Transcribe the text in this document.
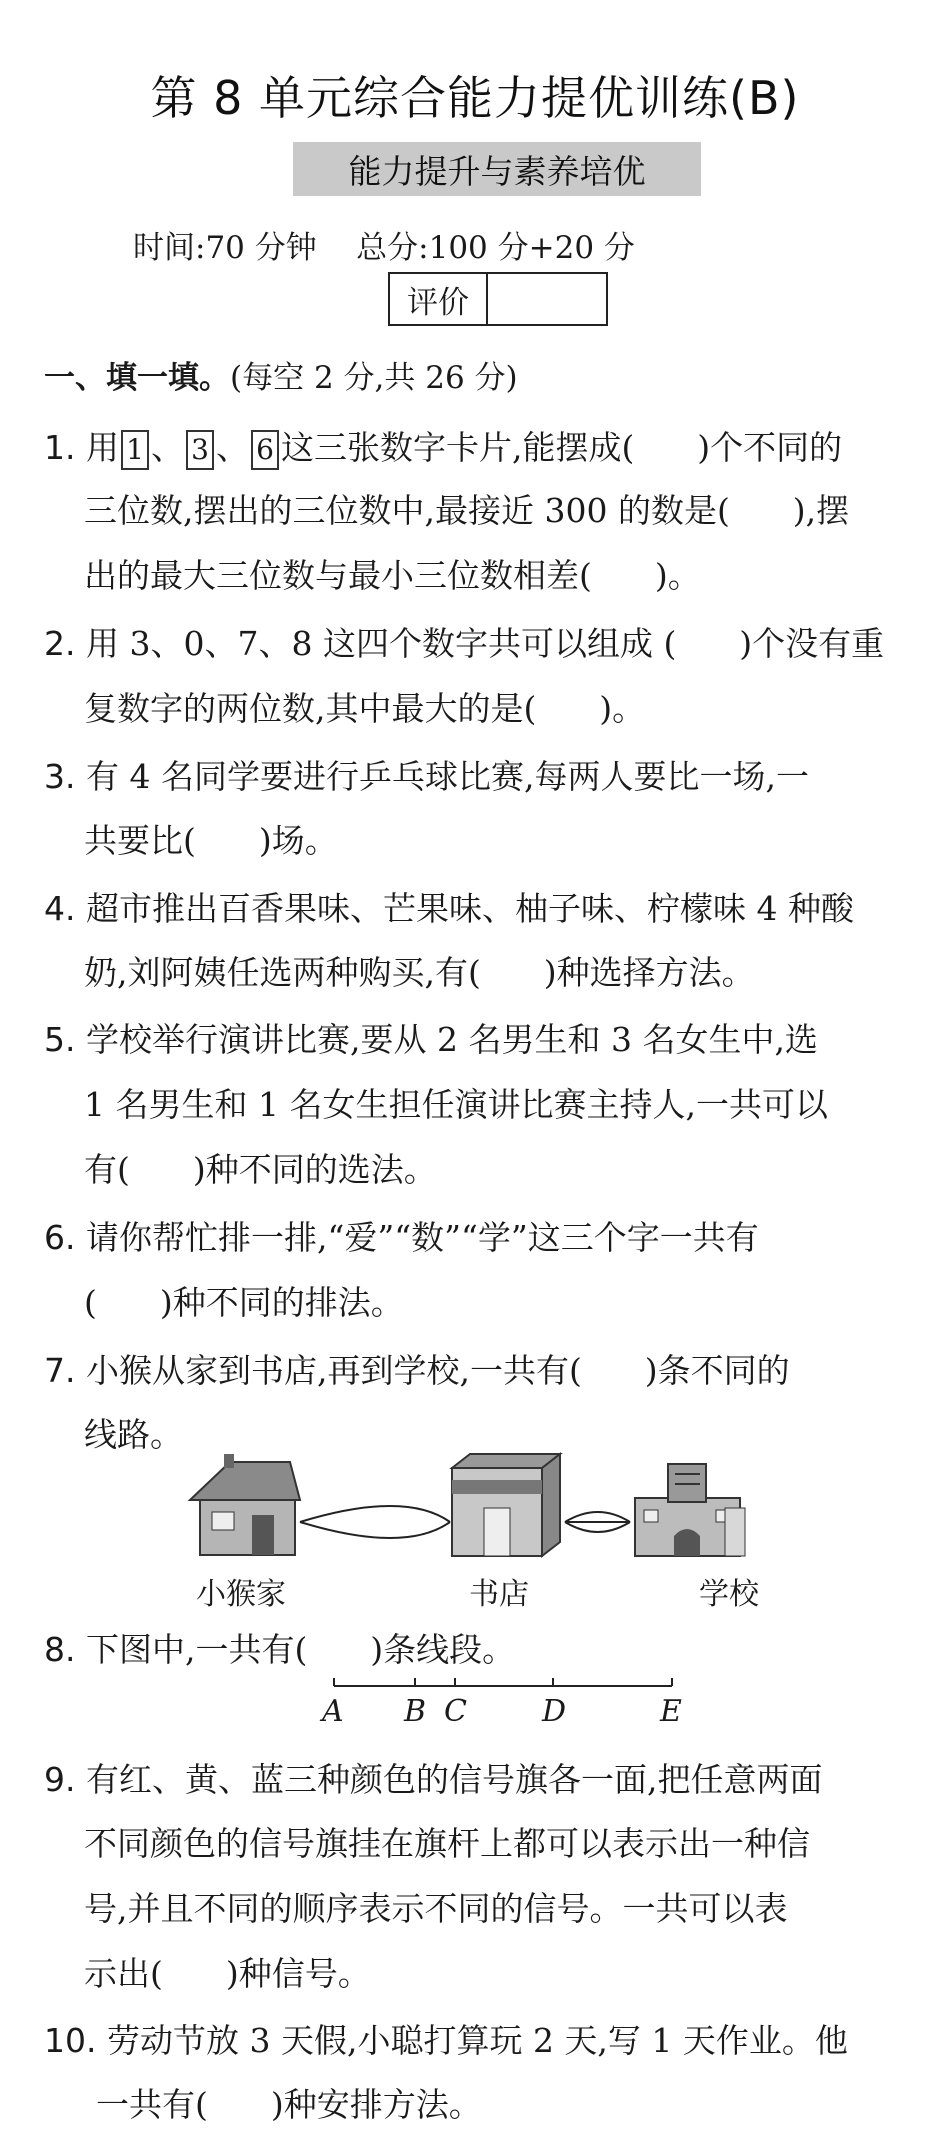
第 8 单元综合能力提优训练(B)
能力提升与素养培优
时间:70 分钟 总分:100 分+20 分
评价
一、填一填。(每空 2 分,共 26 分)
1. 用 1 、 3 、 6 这三张数字卡片,能摆成(      )个不同的
三位数,摆出的三位数中,最接近 300 的数是(      ),摆
出的最大三位数与最小三位数相差(      )。
2. 用 3、0、7、8 这四个数字共可以组成 (      )个没有重
复数字的两位数,其中最大的是(      )。
3. 有 4 名同学要进行乒乓球比赛,每两人要比一场,一
共要比(      )场。
4. 超市推出百香果味、芒果味、柚子味、柠檬味 4 种酸
奶,刘阿姨任选两种购买,有(      )种选择方法。
5. 学校举行演讲比赛,要从 2 名男生和 3 名女生中,选
1 名男生和 1 名女生担任演讲比赛主持人,一共可以
有(      )种不同的选法。
6. 请你帮忙排一排,“爱”“数”“学”这三个字一共有
(      )种不同的排法。
7. 小猴从家到书店,再到学校,一共有(      )条不同的
线路。
小猴家	书店	学校
8. 下图中,一共有(      )条线段。
A B C	D	E
9. 有红、黄、蓝三种颜色的信号旗各一面,把任意两面
不同颜色的信号旗挂在旗杆上都可以表示出一种信
号,并且不同的顺序表示不同的信号。一共可以表
示出(      )种信号。
10. 劳动节放 3 天假,小聪打算玩 2 天,写 1 天作业。他
一共有(      )种安排方法。
